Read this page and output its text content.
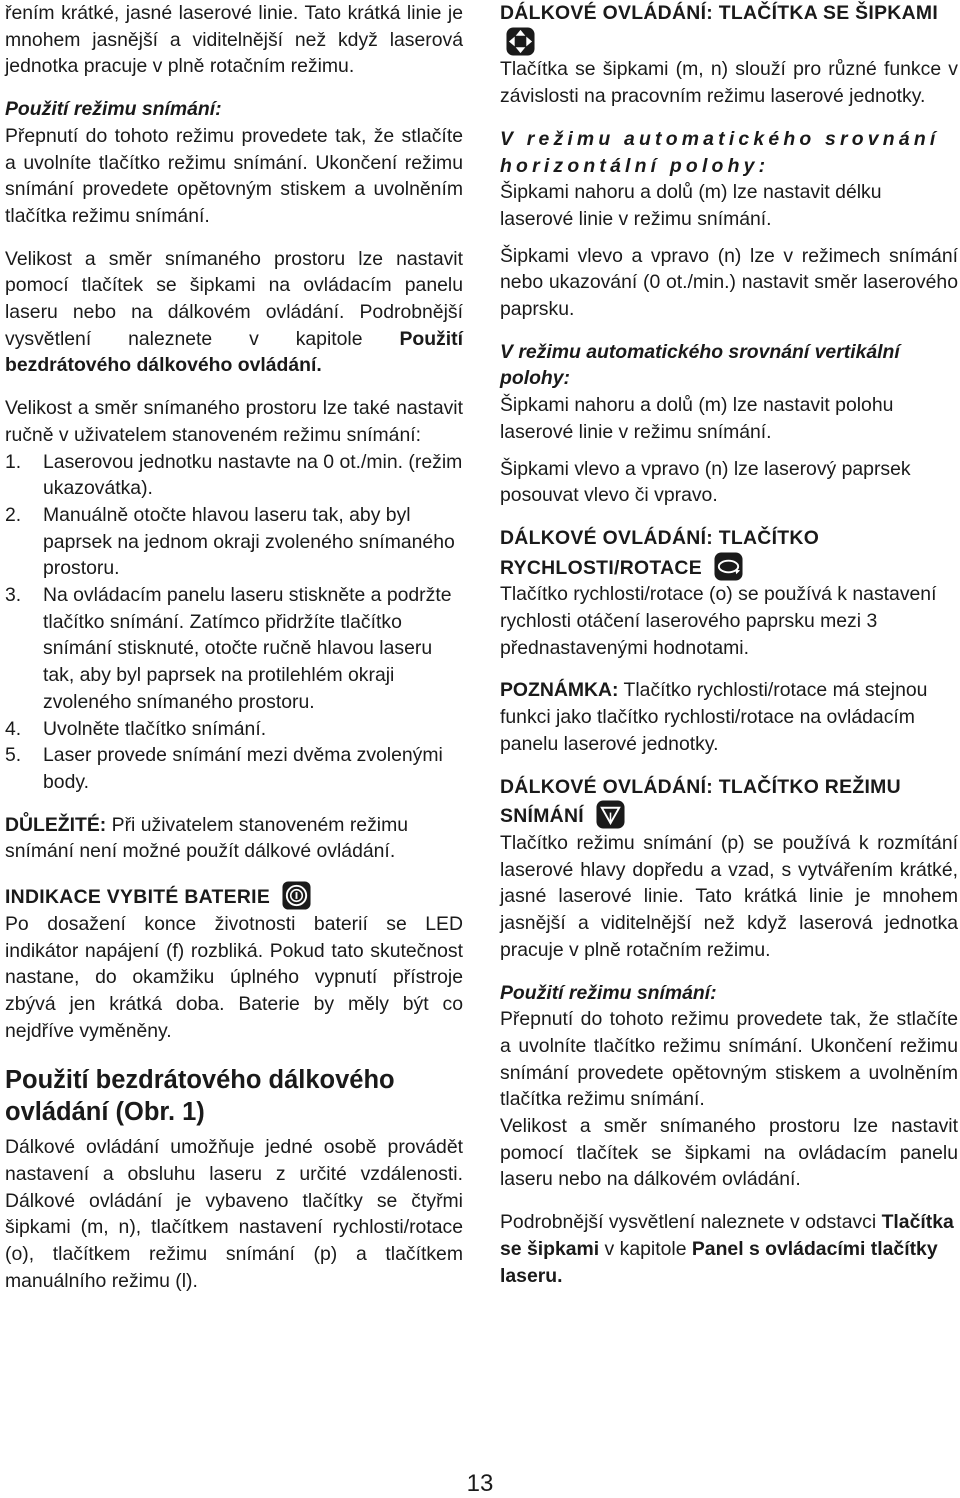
řením krátké, jasné laserové linie. Tato krátká linie je mnohem jasnější a viditelnější než když laserová jednotka pracuje v plně rotačním režimu.

Použití režimu snímání:

Přepnutí do tohoto režimu provedete tak, že stlačíte a uvolníte tlačítko režimu snímání. Ukončení režimu snímání provedete opětovným stiskem a uvolněním tlačítka režimu snímání.

Velikost a směr snímaného prostoru lze nastavit pomocí tlačítek se šipkami na ovládacím panelu laseru nebo na dálkovém ovládání. Podrobnější vysvětlení naleznete v kapitole Použití bezdrátového dálkového ovládání.

Velikost a směr snímaného prostoru lze také nastavit ručně v uživatelem stanoveném režimu snímání:

1. Laserovou jednotku nastavte na 0 ot./min. (režim ukazovátka).
2. Manuálně otočte hlavou laseru tak, aby byl paprsek na jednom okraji zvoleného snímaného prostoru.
3. Na ovládacím panelu laseru stiskněte a podržte tlačítko snímání. Zatímco přidržíte tlačítko snímání stisknuté, otočte ručně hlavou laseru tak, aby byl paprsek na protilehlém okraji zvoleného snímaného prostoru.
4. Uvolněte tlačítko snímání.
5. Laser provede snímání mezi dvěma zvolenými body.

DŮLEŽITÉ: Při uživatelem stanoveném režimu snímání není možné použít dálkové ovládání.

INDIKACE VYBITÉ BATERIE

Po dosažení konce životnosti baterií se LED indikátor napájení (f) rozbliká. Pokud tato skutečnost nastane, do okamžiku úplného vypnutí přístroje zbývá jen krátká doba. Baterie by měly být co nejdříve vyměněny.

Použití bezdrátového dálkového ovládání (Obr. 1)

Dálkové ovládání umožňuje jedné osobě provádět nastavení a obsluhu laseru z určité vzdálenosti. Dálkové ovládání je vybaveno tlačítky se čtyřmi šipkami (m, n), tlačítkem nastavení rychlosti/rotace (o), tlačítkem režimu snímání (p) a tlačítkem manuálního režimu (l).

DÁLKOVÉ OVLÁDÁNÍ: TLAČÍTKA SE ŠIPKAMI

Tlačítka se šipkami (m, n) slouží pro různé funkce v závislosti na pracovním režimu laserové jednotky.

V režimu automatického srovnání horizontální polohy:

Šipkami nahoru a dolů (m) lze nastavit délku laserové linie v režimu snímání.

Šipkami vlevo a vpravo (n) lze v režimech snímání nebo ukazování (0 ot./min.) nastavit směr laserového paprsku.

V režimu automatického srovnání vertikální polohy:

Šipkami nahoru a dolů (m) lze nastavit polohu laserové linie v režimu snímání.

Šipkami vlevo a vpravo (n) lze laserový paprsek posouvat vlevo či vpravo.

DÁLKOVÉ OVLÁDÁNÍ: TLAČÍTKO RYCHLOSTI/ROTACE

Tlačítko rychlosti/rotace (o) se používá k nastavení rychlosti otáčení laserového paprsku mezi 3 přednastavenými hodnotami.

POZNÁMKA: Tlačítko rychlosti/rotace má stejnou funkci jako tlačítko rychlosti/rotace na ovládacím panelu laserové jednotky.

DÁLKOVÉ OVLÁDÁNÍ: TLAČÍTKO REŽIMU SNÍMÁNÍ

Tlačítko režimu snímání (p) se používá k rozmítání laserové hlavy dopředu a vzad, s vytvářením krátké, jasné laserové linie. Tato krátká linie je mnohem jasnější a viditelnější než když laserová jednotka pracuje v plně rotačním režimu.

Použití režimu snímání:

Přepnutí do tohoto režimu provedete tak, že stlačíte a uvolníte tlačítko režimu snímání. Ukončení režimu snímání provedete opětovným stiskem a uvolněním tlačítka režimu snímání.

Velikost a směr snímaného prostoru lze nastavit pomocí tlačítek se šipkami na ovládacím panelu laseru nebo na dálkovém ovládání.

Podrobnější vysvětlení naleznete v odstavci Tlačítka se šipkami v kapitole Panel s ovládacími tlačítky laseru.

13
